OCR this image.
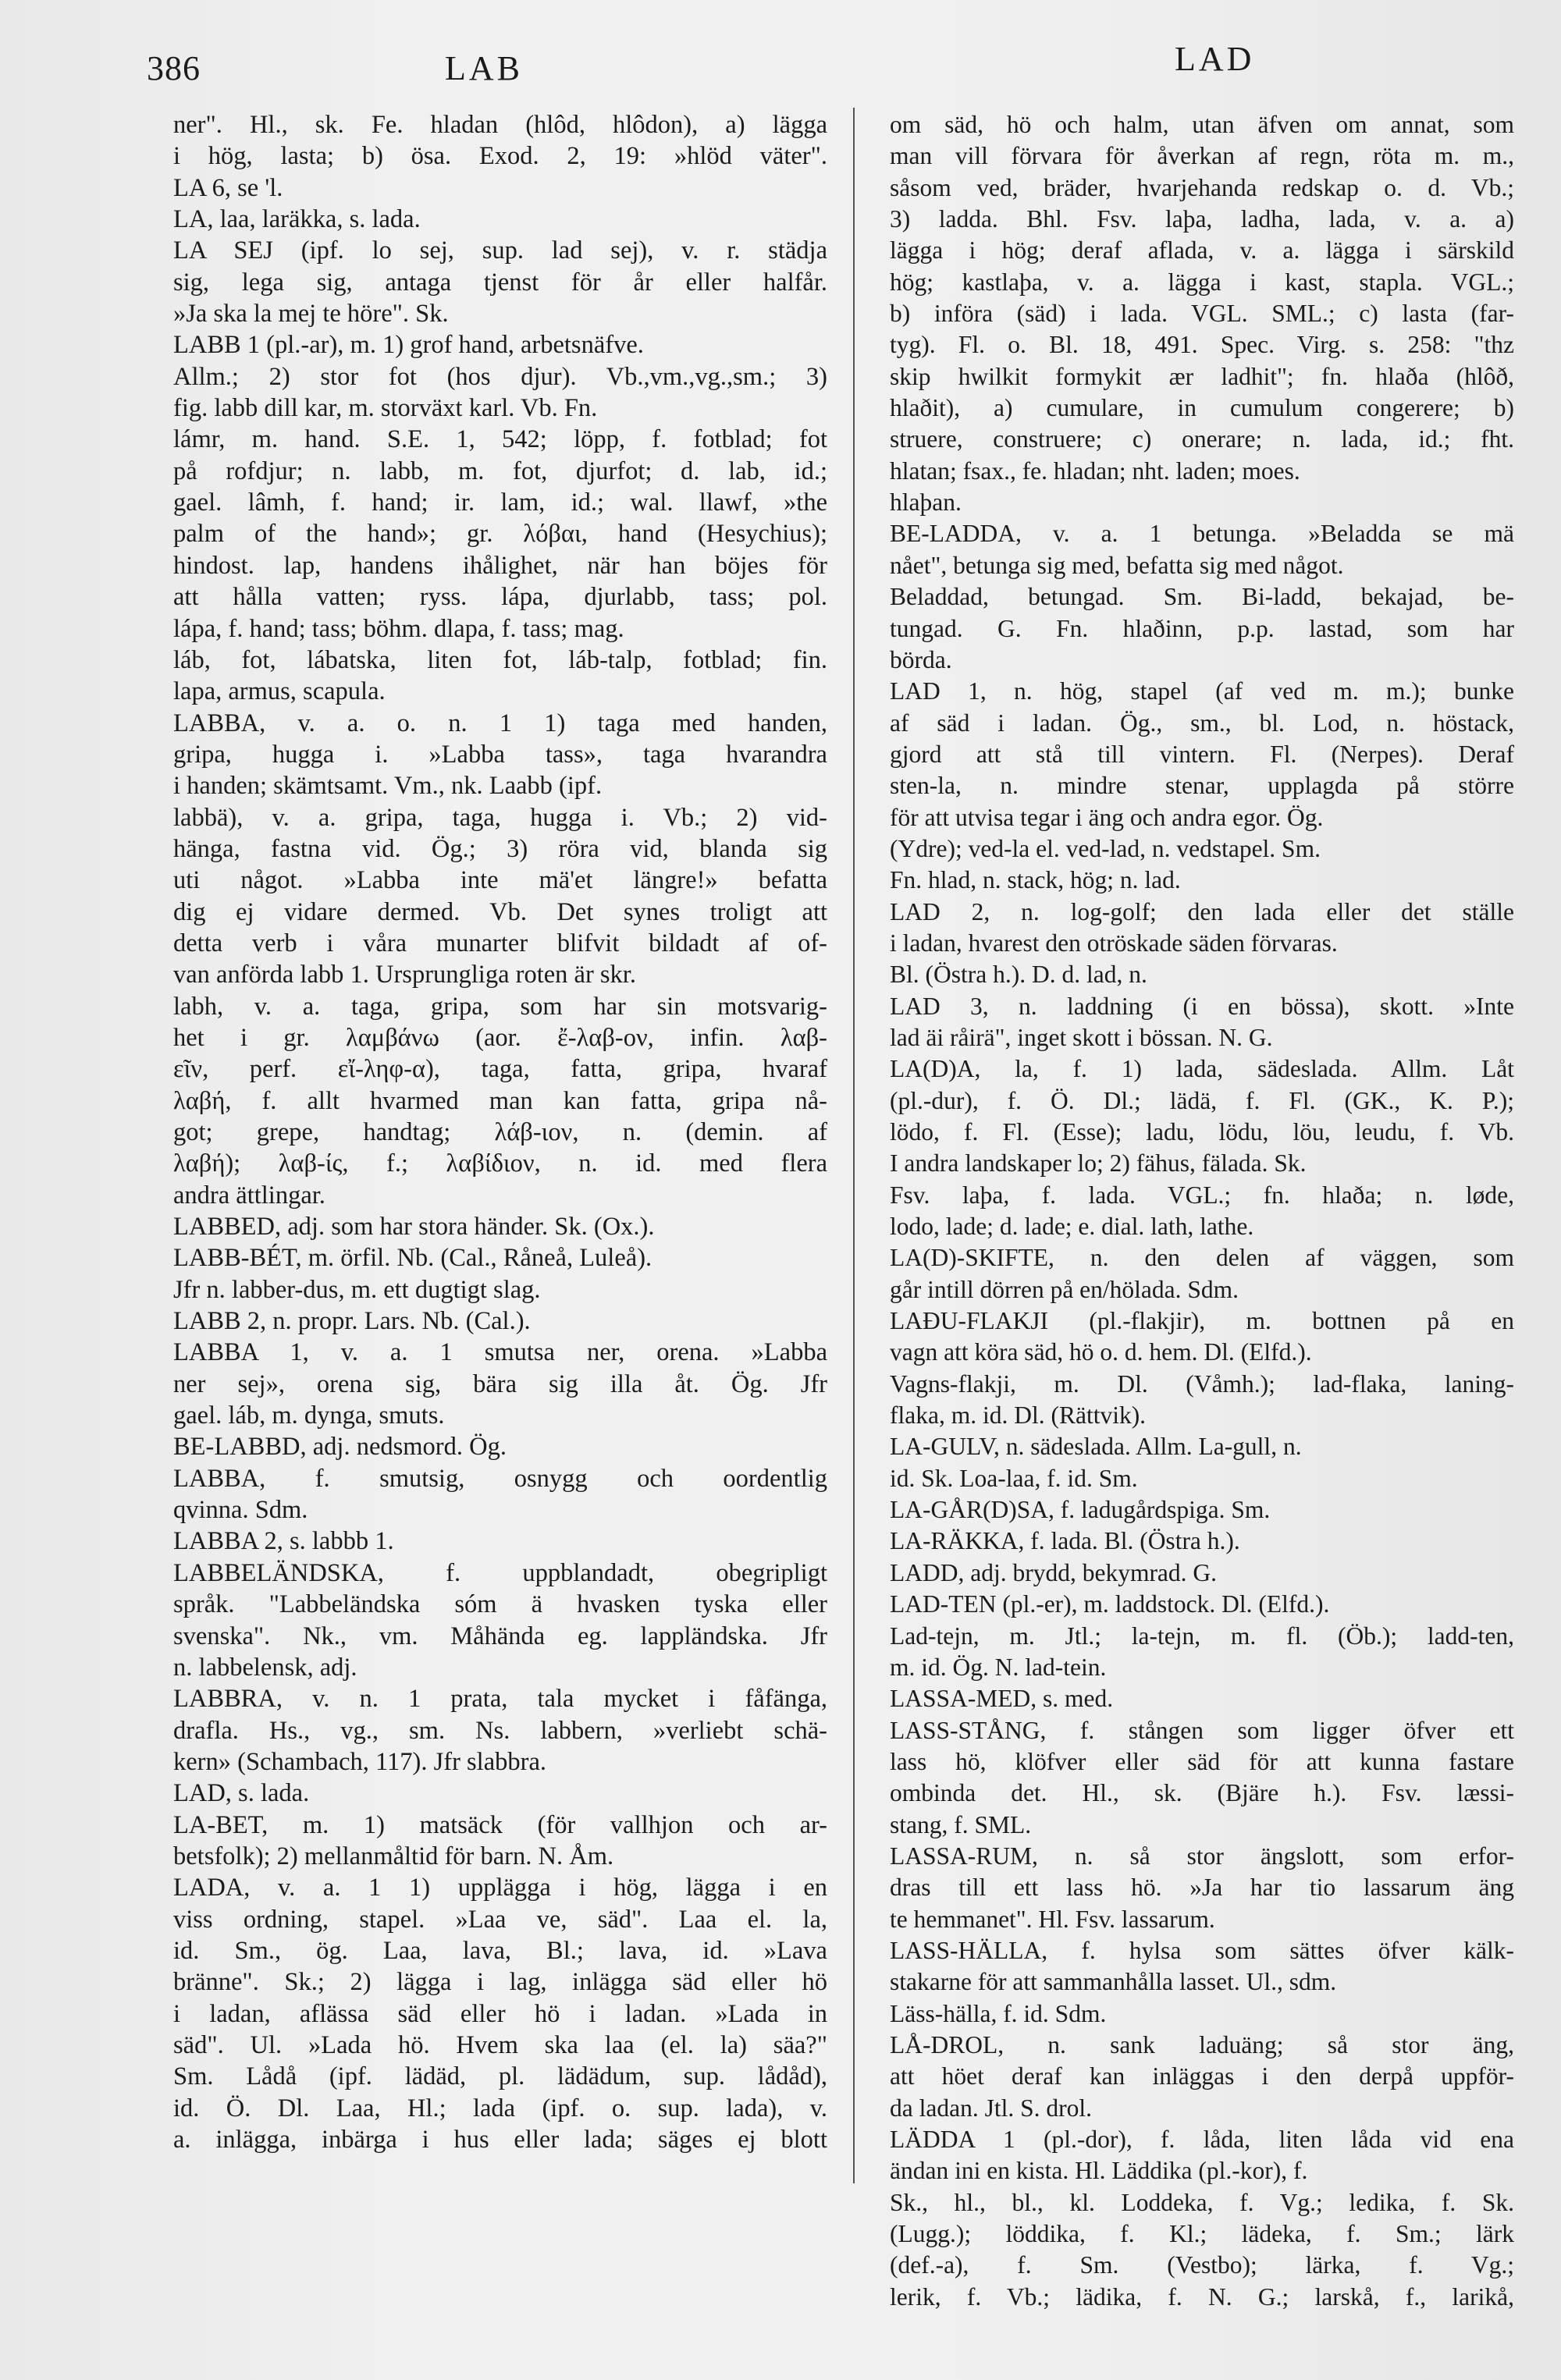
386	LAB	LAD
ner". Hl., sk. Fe. hladan (hlôd, hlôdon), a) lägga
i hög, lasta; b) ösa. Exod. 2, 19: »hlöd väter".
LA 6, se 'l.
LA, laa, laräkka, s. lada.
LA SEJ (ipf. lo sej, sup. lad sej), v. r. städja
sig, lega sig, antaga tjenst för år eller halfår.
»Ja ska la mej te höre". Sk.
LABB 1 (pl.-ar), m. 1) grof hand, arbetsnäfve.
Allm.; 2) stor fot (hos djur). Vb.,vm.,vg.,sm.; 3)
fig. labb dill kar, m. storväxt karl. Vb. Fn.
lámr, m. hand. S.E. 1, 542; löpp, f. fotblad; fot
på rofdjur; n. labb, m. fot, djurfot; d. lab, id.;
gael. lâmh, f. hand; ir. lam, id.; wal. llawf, »the
palm of the hand»; gr. λόβαι, hand (Hesychius);
hindost. lap, handens ihålighet, när han böjes för
att hålla vatten; ryss. lápa, djurlabb, tass; pol.
lápa, f. hand; tass; böhm. dlapa, f. tass; mag.
láb, fot, lábatska, liten fot, láb-talp, fotblad; fin.
lapa, armus, scapula.
LABBA, v. a. o. n. 1 1) taga med handen,
gripa, hugga i. »Labba tass», taga hvarandra
i handen; skämtsamt. Vm., nk. Laabb (ipf.
labbä), v. a. gripa, taga, hugga i. Vb.; 2) vid-
hänga, fastna vid. Ög.; 3) röra vid, blanda sig
uti något. »Labba inte mä'et längre!» befatta
dig ej vidare dermed. Vb. Det synes troligt att
detta verb i våra munarter blifvit bildadt af of-
van anförda labb 1. Ursprungliga roten är skr.
labh, v. a. taga, gripa, som har sin motsvarig-
het i gr. λαμβάνω (aor. ἔ-λαβ-ον, infin. λαβ-
εῖν, perf. εἴ-ληφ-α), taga, fatta, gripa, hvaraf
λαβή, f. allt hvarmed man kan fatta, gripa nå-
got; grepe, handtag; λάβ-ιον, n. (demin. af
λαβή); λαβ-ίς, f.; λαβίδιον, n. id. med flera
andra ättlingar.
LABBED, adj. som har stora händer. Sk. (Ox.).
LABB-BÉT, m. örfil. Nb. (Cal., Råneå, Luleå).
Jfr n. labber-dus, m. ett dugtigt slag.
LABB 2, n. propr. Lars. Nb. (Cal.).
LABBA 1, v. a. 1 smutsa ner, orena. »Labba
ner sej», orena sig, bära sig illa åt. Ög. Jfr
gael. láb, m. dynga, smuts.
BE-LABBD, adj. nedsmord. Ög.
LABBA, f. smutsig, osnygg och oordentlig
qvinna. Sdm.
LABBA 2, s. labbb 1.
LABBELÄNDSKA, f. uppblandadt, obegripligt
språk. "Labbeländska sóm ä hvasken tyska eller
svenska". Nk., vm. Måhända eg. lappländska. Jfr
n. labbelensk, adj.
LABBRA, v. n. 1 prata, tala mycket i fåfänga,
drafla. Hs., vg., sm. Ns. labbern, »verliebt schä-
kern» (Schambach, 117). Jfr slabbra.
LAD, s. lada.
LA-BET, m. 1) matsäck (för vallhjon och ar-
betsfolk); 2) mellanmåltid för barn. N. Åm.
LADA, v. a. 1 1) upplägga i hög, lägga i en
viss ordning, stapel. »Laa ve, säd". Laa el. la,
id. Sm., ög. Laa, lava, Bl.; lava, id. »Lava
bränne". Sk.; 2) lägga i lag, inlägga säd eller hö
i ladan, aflässa säd eller hö i ladan. »Lada in
säd". Ul. »Lada hö. Hvem ska laa (el. la) säa?"
Sm. Lådå (ipf. lädäd, pl. lädädum, sup. lådåd),
id. Ö. Dl. Laa, Hl.; lada (ipf. o. sup. lada), v.
a. inlägga, inbärga i hus eller lada; säges ej blott
om säd, hö och halm, utan äfven om annat, som
man vill förvara för åverkan af regn, röta m. m.,
såsom ved, bräder, hvarjehanda redskap o. d. Vb.;
3) ladda. Bhl. Fsv. laþa, ladha, lada, v. a. a)
lägga i hög; deraf aflada, v. a. lägga i särskild
hög; kastlaþa, v. a. lägga i kast, stapla. VGL.;
b) införa (säd) i lada. VGL. SML.; c) lasta (far-
tyg). Fl. o. Bl. 18, 491. Spec. Virg. s. 258: "thz
skip hwilkit formykit ær ladhit"; fn. hlaða (hlôð,
hlaðit), a) cumulare, in cumulum congerere; b)
struere, construere; c) onerare; n. lada, id.; fht.
hlatan; fsax., fe. hladan; nht. laden; moes.
hlaþan.
BE-LADDA, v. a. 1 betunga. »Beladda se mä
nået", betunga sig med, befatta sig med något.
Beladdad, betungad. Sm. Bi-ladd, bekajad, be-
tungad. G. Fn. hlaðinn, p.p. lastad, som har
börda.
LAD 1, n. hög, stapel (af ved m. m.); bunke
af säd i ladan. Ög., sm., bl. Lod, n. höstack,
gjord att stå till vintern. Fl. (Nerpes). Deraf
sten-la, n. mindre stenar, upplagda på större
för att utvisa tegar i äng och andra egor. Ög.
(Ydre); ved-la el. ved-lad, n. vedstapel. Sm.
Fn. hlad, n. stack, hög; n. lad.
LAD 2, n. log-golf; den lada eller det ställe
i ladan, hvarest den otröskade säden förvaras.
Bl. (Östra h.). D. d. lad, n.
LAD 3, n. laddning (i en bössa), skott. »Inte
lad äi råirä", inget skott i bössan. N. G.
LA(D)A, la, f. 1) lada, sädeslada. Allm. Låt
(pl.-dur), f. Ö. Dl.; lädä, f. Fl. (GK., K. P.);
lödo, f. Fl. (Esse); ladu, lödu, löu, leudu, f. Vb.
I andra landskaper lo; 2) fähus, fälada. Sk.
Fsv. laþa, f. lada. VGL.; fn. hlaða; n. løde,
lodo, lade; d. lade; e. dial. lath, lathe.
LA(D)-SKIFTE, n. den delen af väggen, som
går intill dörren på en/hölada. Sdm.
LAĐU-FLAKJI (pl.-flakjir), m. bottnen på en
vagn att köra säd, hö o. d. hem. Dl. (Elfd.).
Vagns-flakji, m. Dl. (Våmh.); lad-flaka, laning-
flaka, m. id. Dl. (Rättvik).
LA-GULV, n. sädeslada. Allm. La-gull, n.
id. Sk. Loa-laa, f. id. Sm.
LA-GÅR(D)SA, f. ladugårdspiga. Sm.
LA-RÄKKA, f. lada. Bl. (Östra h.).
LADD, adj. brydd, bekymrad. G.
LAD-TEN (pl.-er), m. laddstock. Dl. (Elfd.).
Lad-tejn, m. Jtl.; la-tejn, m. fl. (Öb.); ladd-ten,
m. id. Ög. N. lad-tein.
LASSA-MED, s. med.
LASS-STÅNG, f. stången som ligger öfver ett
lass hö, klöfver eller säd för att kunna fastare
ombinda det. Hl., sk. (Bjäre h.). Fsv. læssi-
stang, f. SML.
LASSA-RUM, n. så stor ängslott, som erfor-
dras till ett lass hö. »Ja har tio lassarum äng
te hemmanet". Hl. Fsv. lassarum.
LASS-HÄLLA, f. hylsa som sättes öfver kälk-
stakarne för att sammanhålla lasset. Ul., sdm.
Läss-hälla, f. id. Sdm.
LÅ-DROL, n. sank laduäng; så stor äng,
att höet deraf kan inläggas i den derpå uppför-
da ladan. Jtl. S. drol.
LÄDDA 1 (pl.-dor), f. låda, liten låda vid ena
ändan ini en kista. Hl. Läddika (pl.-kor), f.
Sk., hl., bl., kl. Loddeka, f. Vg.; ledika, f. Sk.
(Lugg.); löddika, f. Kl.; lädeka, f. Sm.; lärk
(def.-a), f. Sm. (Vestbo); lärka, f. Vg.;
lerik, f. Vb.; lädika, f. N. G.; larskå, f., larikå,
